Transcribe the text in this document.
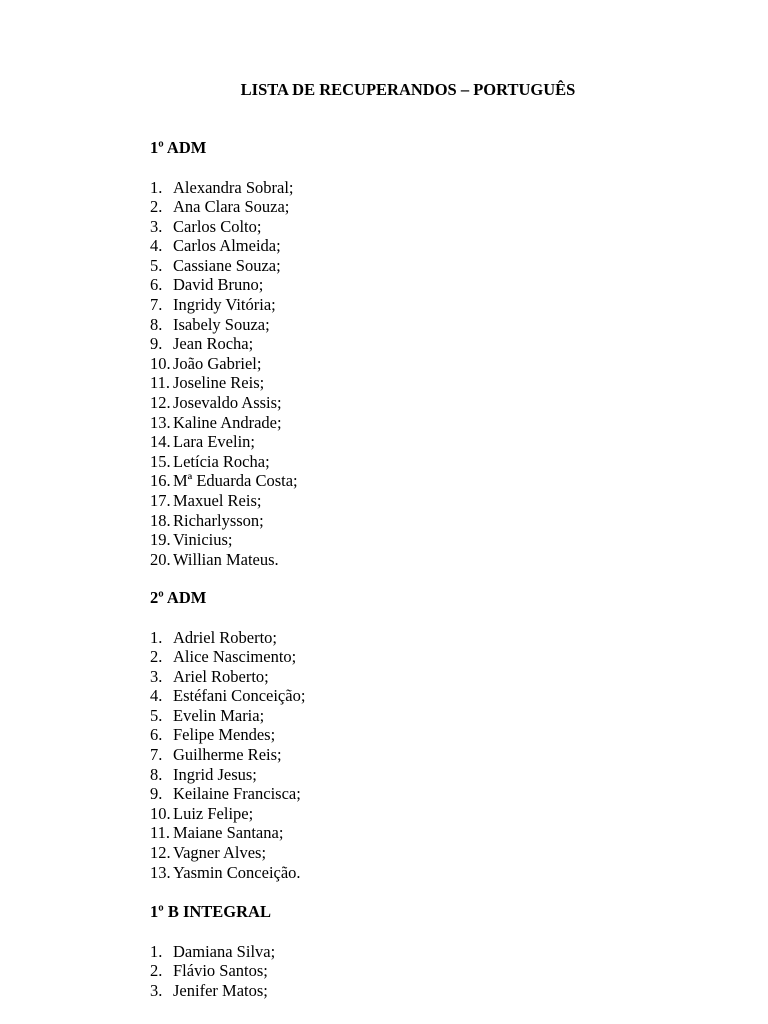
LISTA DE RECUPERANDOS – PORTUGUÊS
1º ADM
1. Alexandra Sobral;
2. Ana Clara Souza;
3. Carlos Colto;
4. Carlos Almeida;
5. Cassiane Souza;
6. David Bruno;
7. Ingridy Vitória;
8. Isabely Souza;
9. Jean Rocha;
10. João Gabriel;
11. Joseline Reis;
12. Josevaldo Assis;
13. Kaline Andrade;
14. Lara Evelin;
15. Letícia Rocha;
16. Mª Eduarda Costa;
17. Maxuel Reis;
18. Richarlysson;
19. Vinicius;
20. Willian Mateus.
2º ADM
1. Adriel Roberto;
2. Alice Nascimento;
3. Ariel Roberto;
4. Estéfani Conceição;
5. Evelin Maria;
6. Felipe Mendes;
7. Guilherme Reis;
8. Ingrid Jesus;
9. Keilaine Francisca;
10. Luiz Felipe;
11. Maiane Santana;
12. Vagner Alves;
13. Yasmin Conceição.
1º B INTEGRAL
1. Damiana Silva;
2. Flávio Santos;
3. Jenifer Matos;
